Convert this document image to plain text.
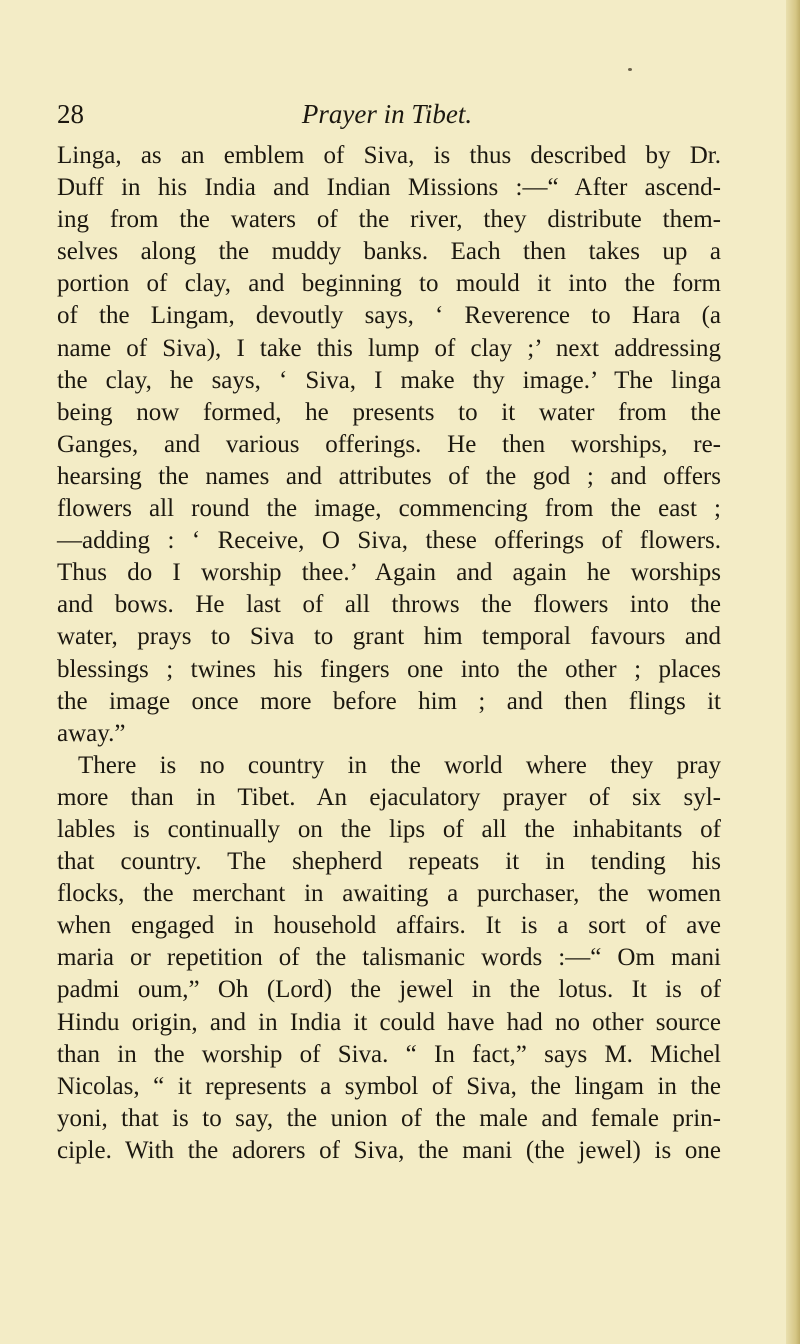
28	Prayer in Tibet.
Linga, as an emblem of Siva, is thus described by Dr.
Duff in his India and Indian Missions :—“ After ascend-
ing from the waters of the river, they distribute them-
selves along the muddy banks. Each then takes up a
portion of clay, and beginning to mould it into the form
of the Lingam, devoutly says, ‘ Reverence to Hara (a
name of Siva), I take this lump of clay ;’ next addressing
the clay, he says, ‘ Siva, I make thy image.’ The linga
being now formed, he presents to it water from the
Ganges, and various offerings. He then worships, re-
hearsing the names and attributes of the god ; and offers
flowers all round the image, commencing from the east ;
—adding : ‘ Receive, O Siva, these offerings of flowers.
Thus do I worship thee.’ Again and again he worships
and bows. He last of all throws the flowers into the
water, prays to Siva to grant him temporal favours and
blessings ; twines his fingers one into the other ; places
the image once more before him ; and then flings it
away.”
There is no country in the world where they pray
more than in Tibet. An ejaculatory prayer of six syl-
lables is continually on the lips of all the inhabitants of
that country. The shepherd repeats it in tending his
flocks, the merchant in awaiting a purchaser, the women
when engaged in household affairs. It is a sort of ave
maria or repetition of the talismanic words :—“ Om mani
padmi oum,” Oh (Lord) the jewel in the lotus. It is of
Hindu origin, and in India it could have had no other source
than in the worship of Siva. “ In fact,” says M. Michel
Nicolas, “ it represents a symbol of Siva, the lingam in the
yoni, that is to say, the union of the male and female prin-
ciple. With the adorers of Siva, the mani (the jewel) is one
